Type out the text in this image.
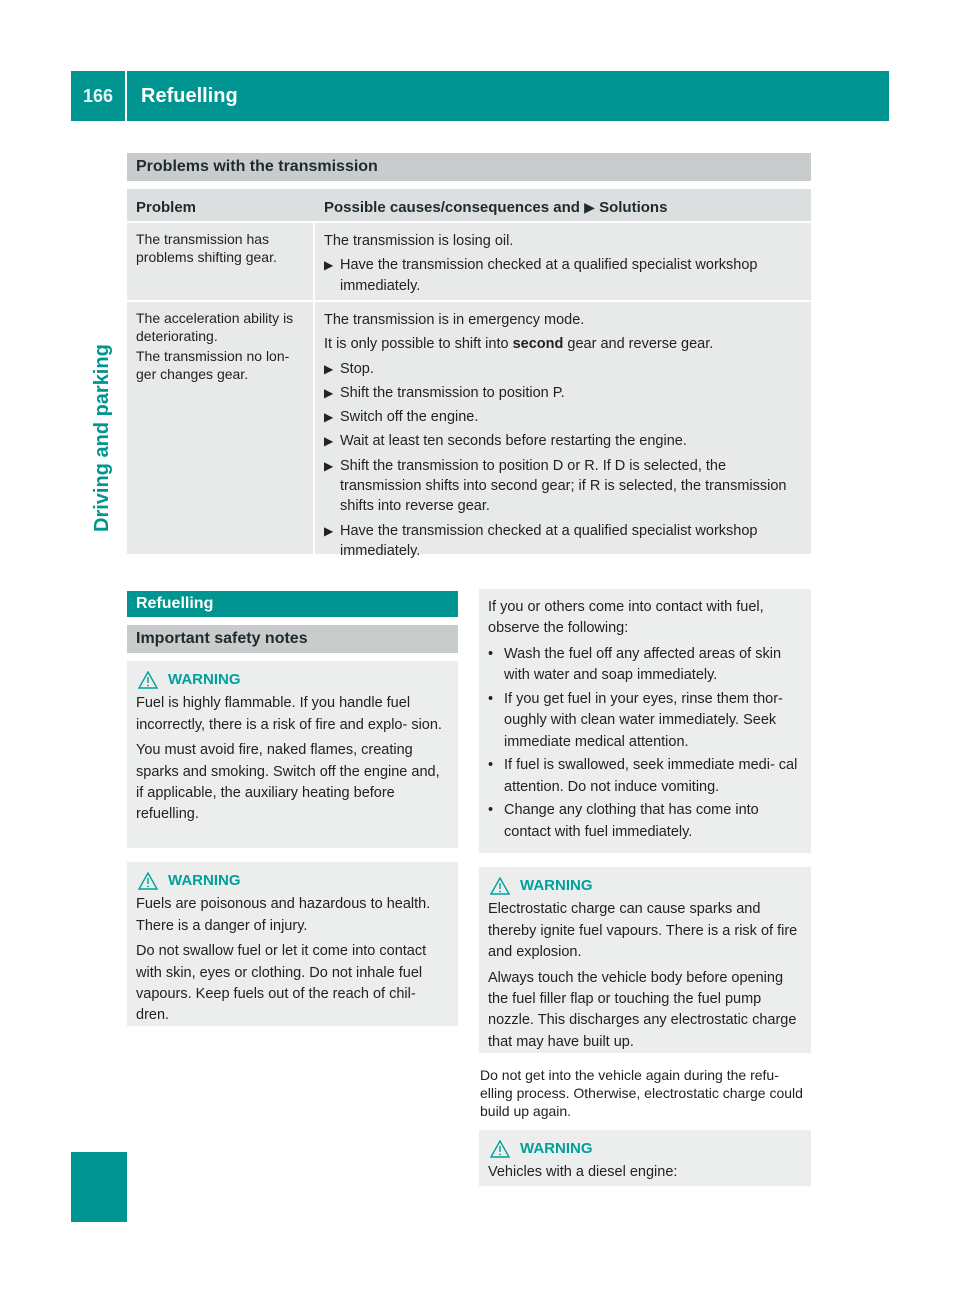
166	Refuelling
Driving and parking
Problems with the transmission
Problem	Possible causes/consequences and ▶ Solutions

The transmission has problems shifting gear.

The transmission is losing oil.

▶ Have the transmission checked at a qualified specialist workshop immediately.

The acceleration ability is deteriorating.

The transmission no lon- ger changes gear.

The transmission is in emergency mode.

It is only possible to shift into second gear and reverse gear.

▶ Stop.
▶ Shift the transmission to position P.
▶ Switch off the engine.
▶ Wait at least ten seconds before restarting the engine.
▶ Shift the transmission to position D or R. If D is selected, the transmission shifts into second gear; if R is selected, the transmission shifts into reverse gear.
▶ Have the transmission checked at a qualified specialist workshop immediately.
Refuelling
Important safety notes
WARNING

Fuel is highly flammable. If you handle fuel incorrectly, there is a risk of fire and explo- sion.

You must avoid fire, naked flames, creating sparks and smoking. Switch off the engine and, if applicable, the auxiliary heating before refuelling.

WARNING

Fuels are poisonous and hazardous to health. There is a danger of injury.

Do not swallow fuel or let it come into contact with skin, eyes or clothing. Do not inhale fuel vapours. Keep fuels out of the reach of chil- dren.

If you or others come into contact with fuel, observe the following:

• Wash the fuel off any affected areas of skin with water and soap immediately.
• If you get fuel in your eyes, rinse them thor- oughly with clean water immediately. Seek immediate medical attention.
• If fuel is swallowed, seek immediate medi- cal attention. Do not induce vomiting.
• Change any clothing that has come into contact with fuel immediately.
WARNING

Electrostatic charge can cause sparks and thereby ignite fuel vapours. There is a risk of fire and explosion.

Always touch the vehicle body before opening the fuel filler flap or touching the fuel pump nozzle. This discharges any electrostatic charge that may have built up.

Do not get into the vehicle again during the refu- elling process. Otherwise, electrostatic charge could build up again.
WARNING

Vehicles with a diesel engine:
